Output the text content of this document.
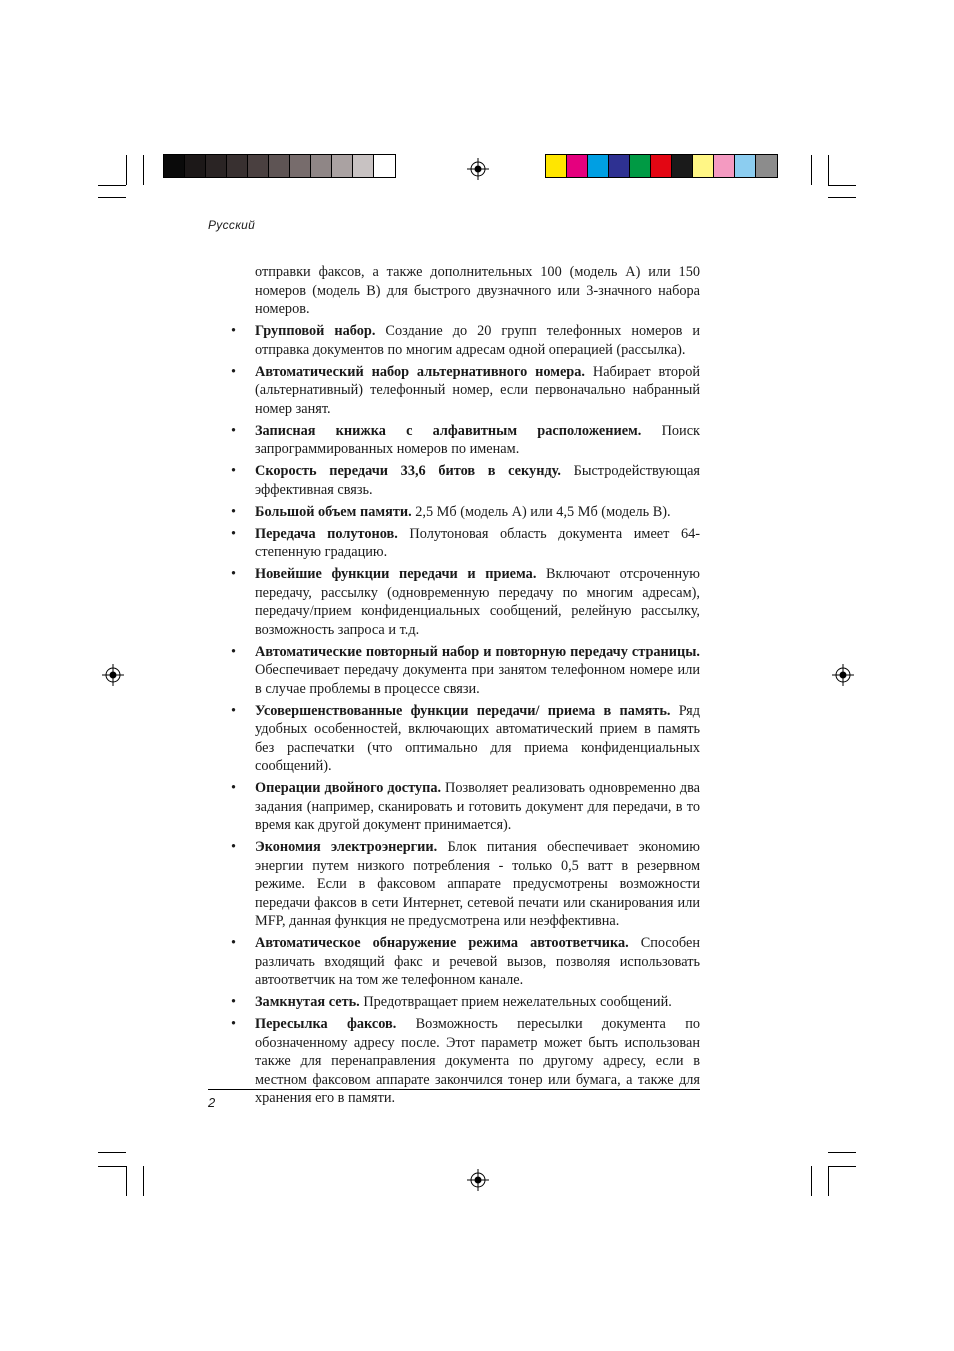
Русский

отправки факсов, а также дополнительных 100 (модель A) или 150 номеров (модель B) для быстрого двузначного или 3-значного набора номеров.

• Групповой набор. Создание до 20 групп телефонных номеров и отправка документов по многим адресам одной операцией (рассылка).
• Автоматический набор альтернативного номера. Набирает второй (альтернативный) телефонный номер, если первоначально набранный номер занят.
• Записная книжка с алфавитным расположением. Поиск запрограммированных номеров по именам.
• Скорость передачи 33,6 битов в секунду. Быстродействующая эффективная связь.
• Большой объем памяти. 2,5 Мб (модель A) или 4,5 Мб (модель B).
• Передача полутонов. Полутоновая область документа имеет 64-степенную градацию.
• Новейшие функции передачи и приема. Включают отсроченную передачу, рассылку (одновременную передачу по многим адресам), передачу/прием конфиденциальных сообщений, релейную рассылку, возможность запроса и т.д.
• Автоматические повторный набор и повторную передачу страницы. Обеспечивает передачу документа при занятом телефонном номере или в случае проблемы в процессе связи.
• Усовершенствованные функции передачи/ приема в память. Ряд удобных особенностей, включающих автоматический прием в память без распечатки (что оптимально для приема конфиденциальных сообщений).
• Операции двойного доступа. Позволяет реализовать одновременно два задания (например, сканировать и готовить документ для передачи, в то время как другой документ принимается).
• Экономия электроэнергии. Блок питания обеспечивает экономию энергии путем низкого потребления - только 0,5 ватт в резервном режиме. Если в факсовом аппарате предусмотрены возможности передачи факсов в сети Интернет, сетевой печати или сканирования или MFP, данная функция не предусмотрена или неэффективна.
• Автоматическое обнаружение режима автоответчика. Способен различать входящий факс и речевой вызов, позволяя использовать автоответчик на том же телефонном канале.
• Замкнутая сеть. Предотвращает прием нежелательных сообщений.
• Пересылка факсов. Возможность пересылки документа по обозначенному адресу после. Этот параметр может быть использован также для перенаправления документа по другому адресу, если в местном факсовом аппарате закончился тонер или бумага, а также для хранения его в памяти.
2
